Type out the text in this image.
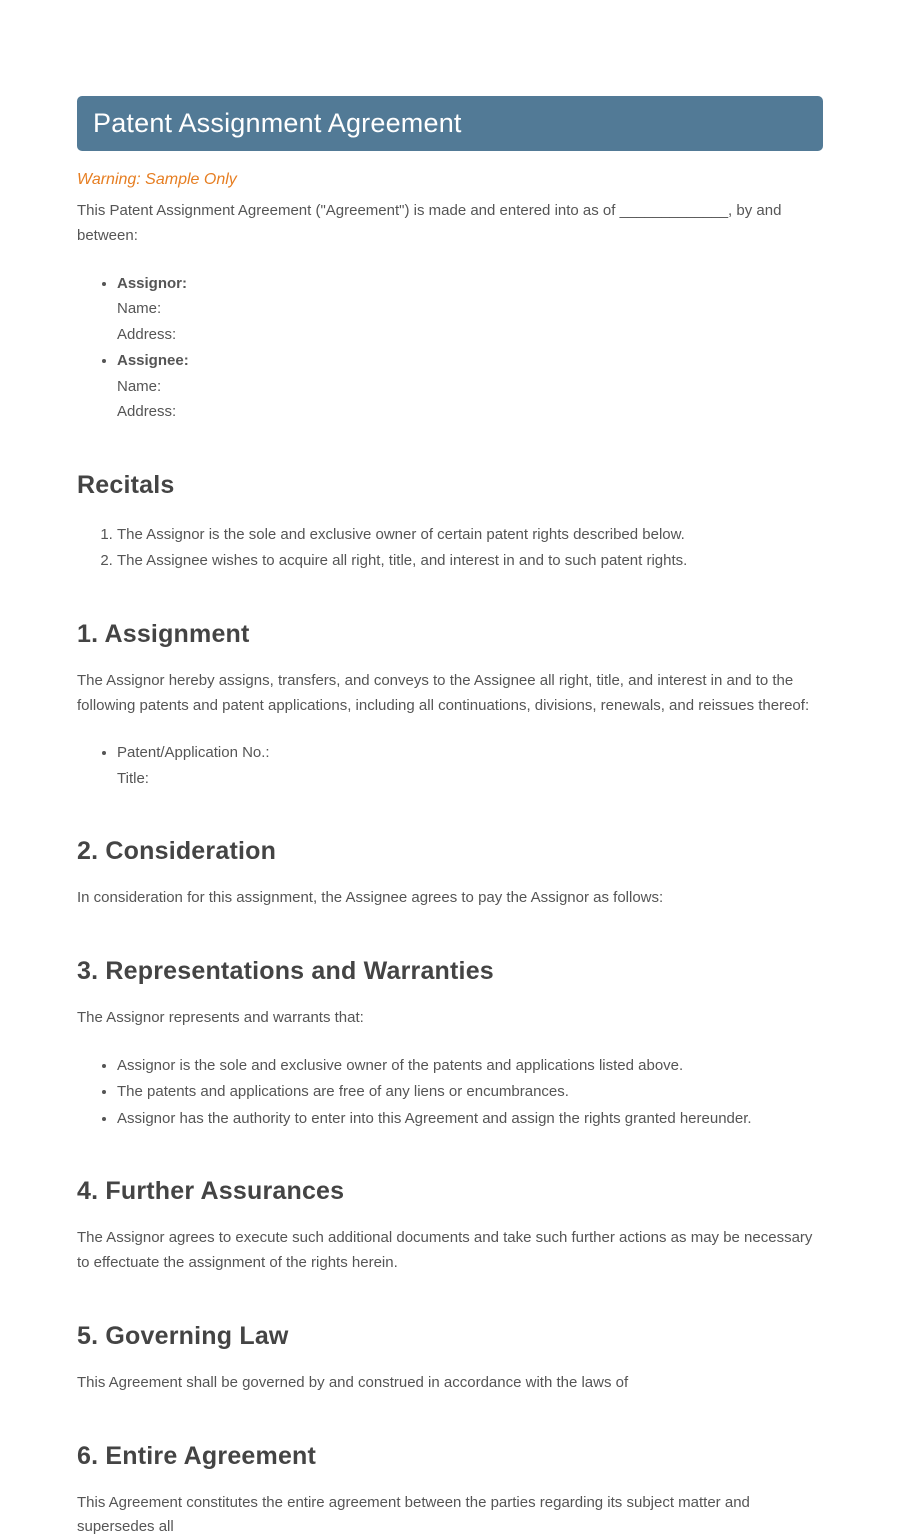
Patent Assignment Agreement

Warning: Sample Only

This Patent Assignment Agreement ("Agreement") is made and entered into as of _____________, by and between:

• Assignor:
Name:
Address:
• Assignee:
Name:
Address:
Recitals
1. The Assignor is the sole and exclusive owner of certain patent rights described below.
2. The Assignee wishes to acquire all right, title, and interest in and to such patent rights.
1. Assignment

The Assignor hereby assigns, transfers, and conveys to the Assignee all right, title, and interest in and to the following patents and patent applications, including all continuations, divisions, renewals, and reissues thereof:

• Patent/Application No.:
Title:
2. Consideration

In consideration for this assignment, the Assignee agrees to pay the Assignor as follows:

3. Representations and Warranties

The Assignor represents and warrants that:

• Assignor is the sole and exclusive owner of the patents and applications listed above.
• The patents and applications are free of any liens or encumbrances.
• Assignor has the authority to enter into this Agreement and assign the rights granted hereunder.
4. Further Assurances

The Assignor agrees to execute such additional documents and take such further actions as may be necessary to effectuate the assignment of the rights herein.

5. Governing Law

This Agreement shall be governed by and construed in accordance with the laws of

6. Entire Agreement

This Agreement constitutes the entire agreement between the parties regarding its subject matter and supersedes all
